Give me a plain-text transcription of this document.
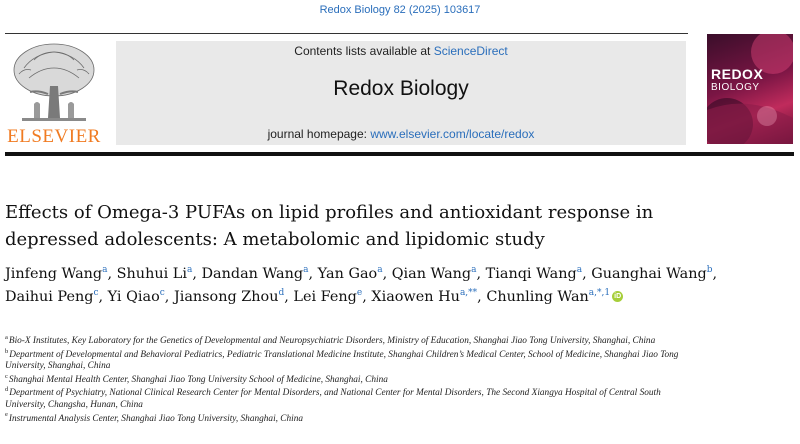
Redox Biology 82 (2025) 103617
ELSEVIER
Contents lists available at ScienceDirect
Redox Biology
journal homepage: www.elsevier.com/locate/redox
REDOX
BIOLOGY
Effects of Omega-3 PUFAs on lipid profiles and antioxidant response in depressed adolescents: A metabolomic and lipidomic study
Jinfeng Wang$^a$, Shuhui Li$^a$, Dandan Wang$^a$, Yan Gao$^a$, Qian Wang$^a$, Tianqi Wang$^a$, Guanghai Wang$^b$, Daihui Peng$^c$, Yi Qiao$^c$, Jiansong Zhou$^d$, Lei Feng$^e$, Xiaowen $Hu^{a,**}$, Chunling Wan$^{a,*,1}$ iD
$^a$Bio-X Institutes, Key Laboratory for the Genetics of Developmental and Neuropsychiatric Disorders, Ministry of Education, Shanghai Jiao Tong University, Shanghai, China
$^b$Department of Developmental and Behavioral Pediatrics, Pediatric Translational Medicine Institute, Shanghai Children’s Medical Center, School of Medicine, Shanghai Jiao Tong University, Shanghai, China
$^c$Shanghai Mental Health Center, Shanghai Jiao Tong University School of Medicine, Shanghai, China
$^d$Department of Psychiatry, National Clinical Research Center for Mental Disorders, and National Center for Mental Disorders, The Second Xiangya Hospital of Central South University, Changsha, Hunan, China
$^e$Instrumental Analysis Center, Shanghai Jiao Tong University, Shanghai, China
